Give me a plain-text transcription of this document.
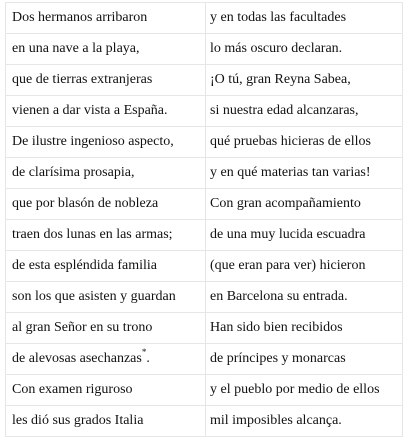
Dos hermanos arribaron	y en todas las facultades
en una nave a la playa,	lo más oscuro declaran.
que de tierras extranjeras	¡O tú, gran Reyna Sabea,
vienen a dar vista a España.	si nuestra edad alcanzaras,
De ilustre ingenioso aspecto,	qué pruebas hicieras de ellos
de clarísima prosapia,	y en qué materias tan varias!
que por blasón de nobleza	Con gran acompañamiento
traen dos lunas en las armas;	de una muy lucida escuadra
de esta espléndida familia	(que eran para ver) hicieron
son los que asisten y guardan	en Barcelona su entrada.
al gran Señor en su trono	Han sido bien recibidos
de alevosas asechanzas*.	de príncipes y monarcas
Con examen riguroso	y el pueblo por medio de ellos
les dió sus grados Italia	mil imposibles alcanҫa.
